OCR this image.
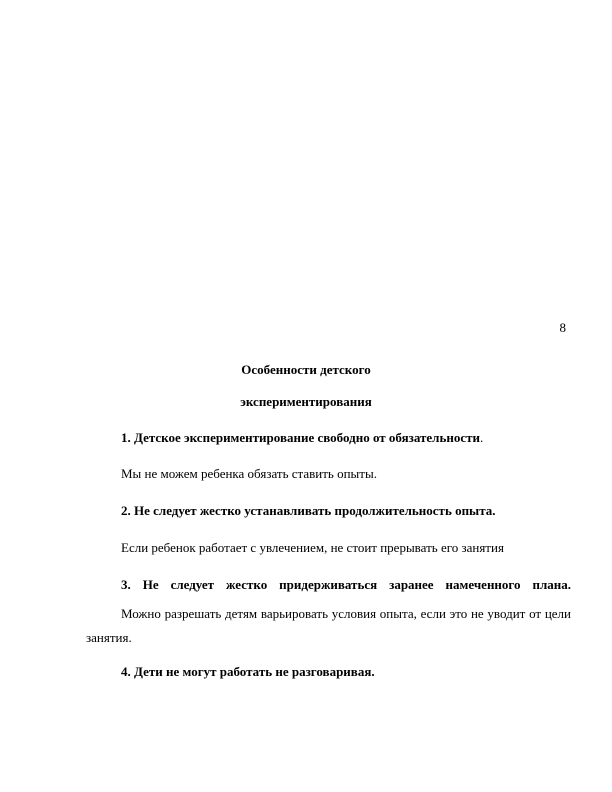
8
Особенности детского
экспериментирования
1. Детское экспериментирование свободно от обязательности.
Мы не можем ребенка обязать ставить опыты.
2. Не следует жестко устанавливать продолжительность опыта.
Если ребенок работает с увлечением, не стоит прерывать его занятия
3. Не следует жестко придерживаться заранее намеченного плана.
Можно разрешать детям варьировать условия опыта, если это не уводит от цели занятия.
4. Дети не могут работать не разговаривая.
